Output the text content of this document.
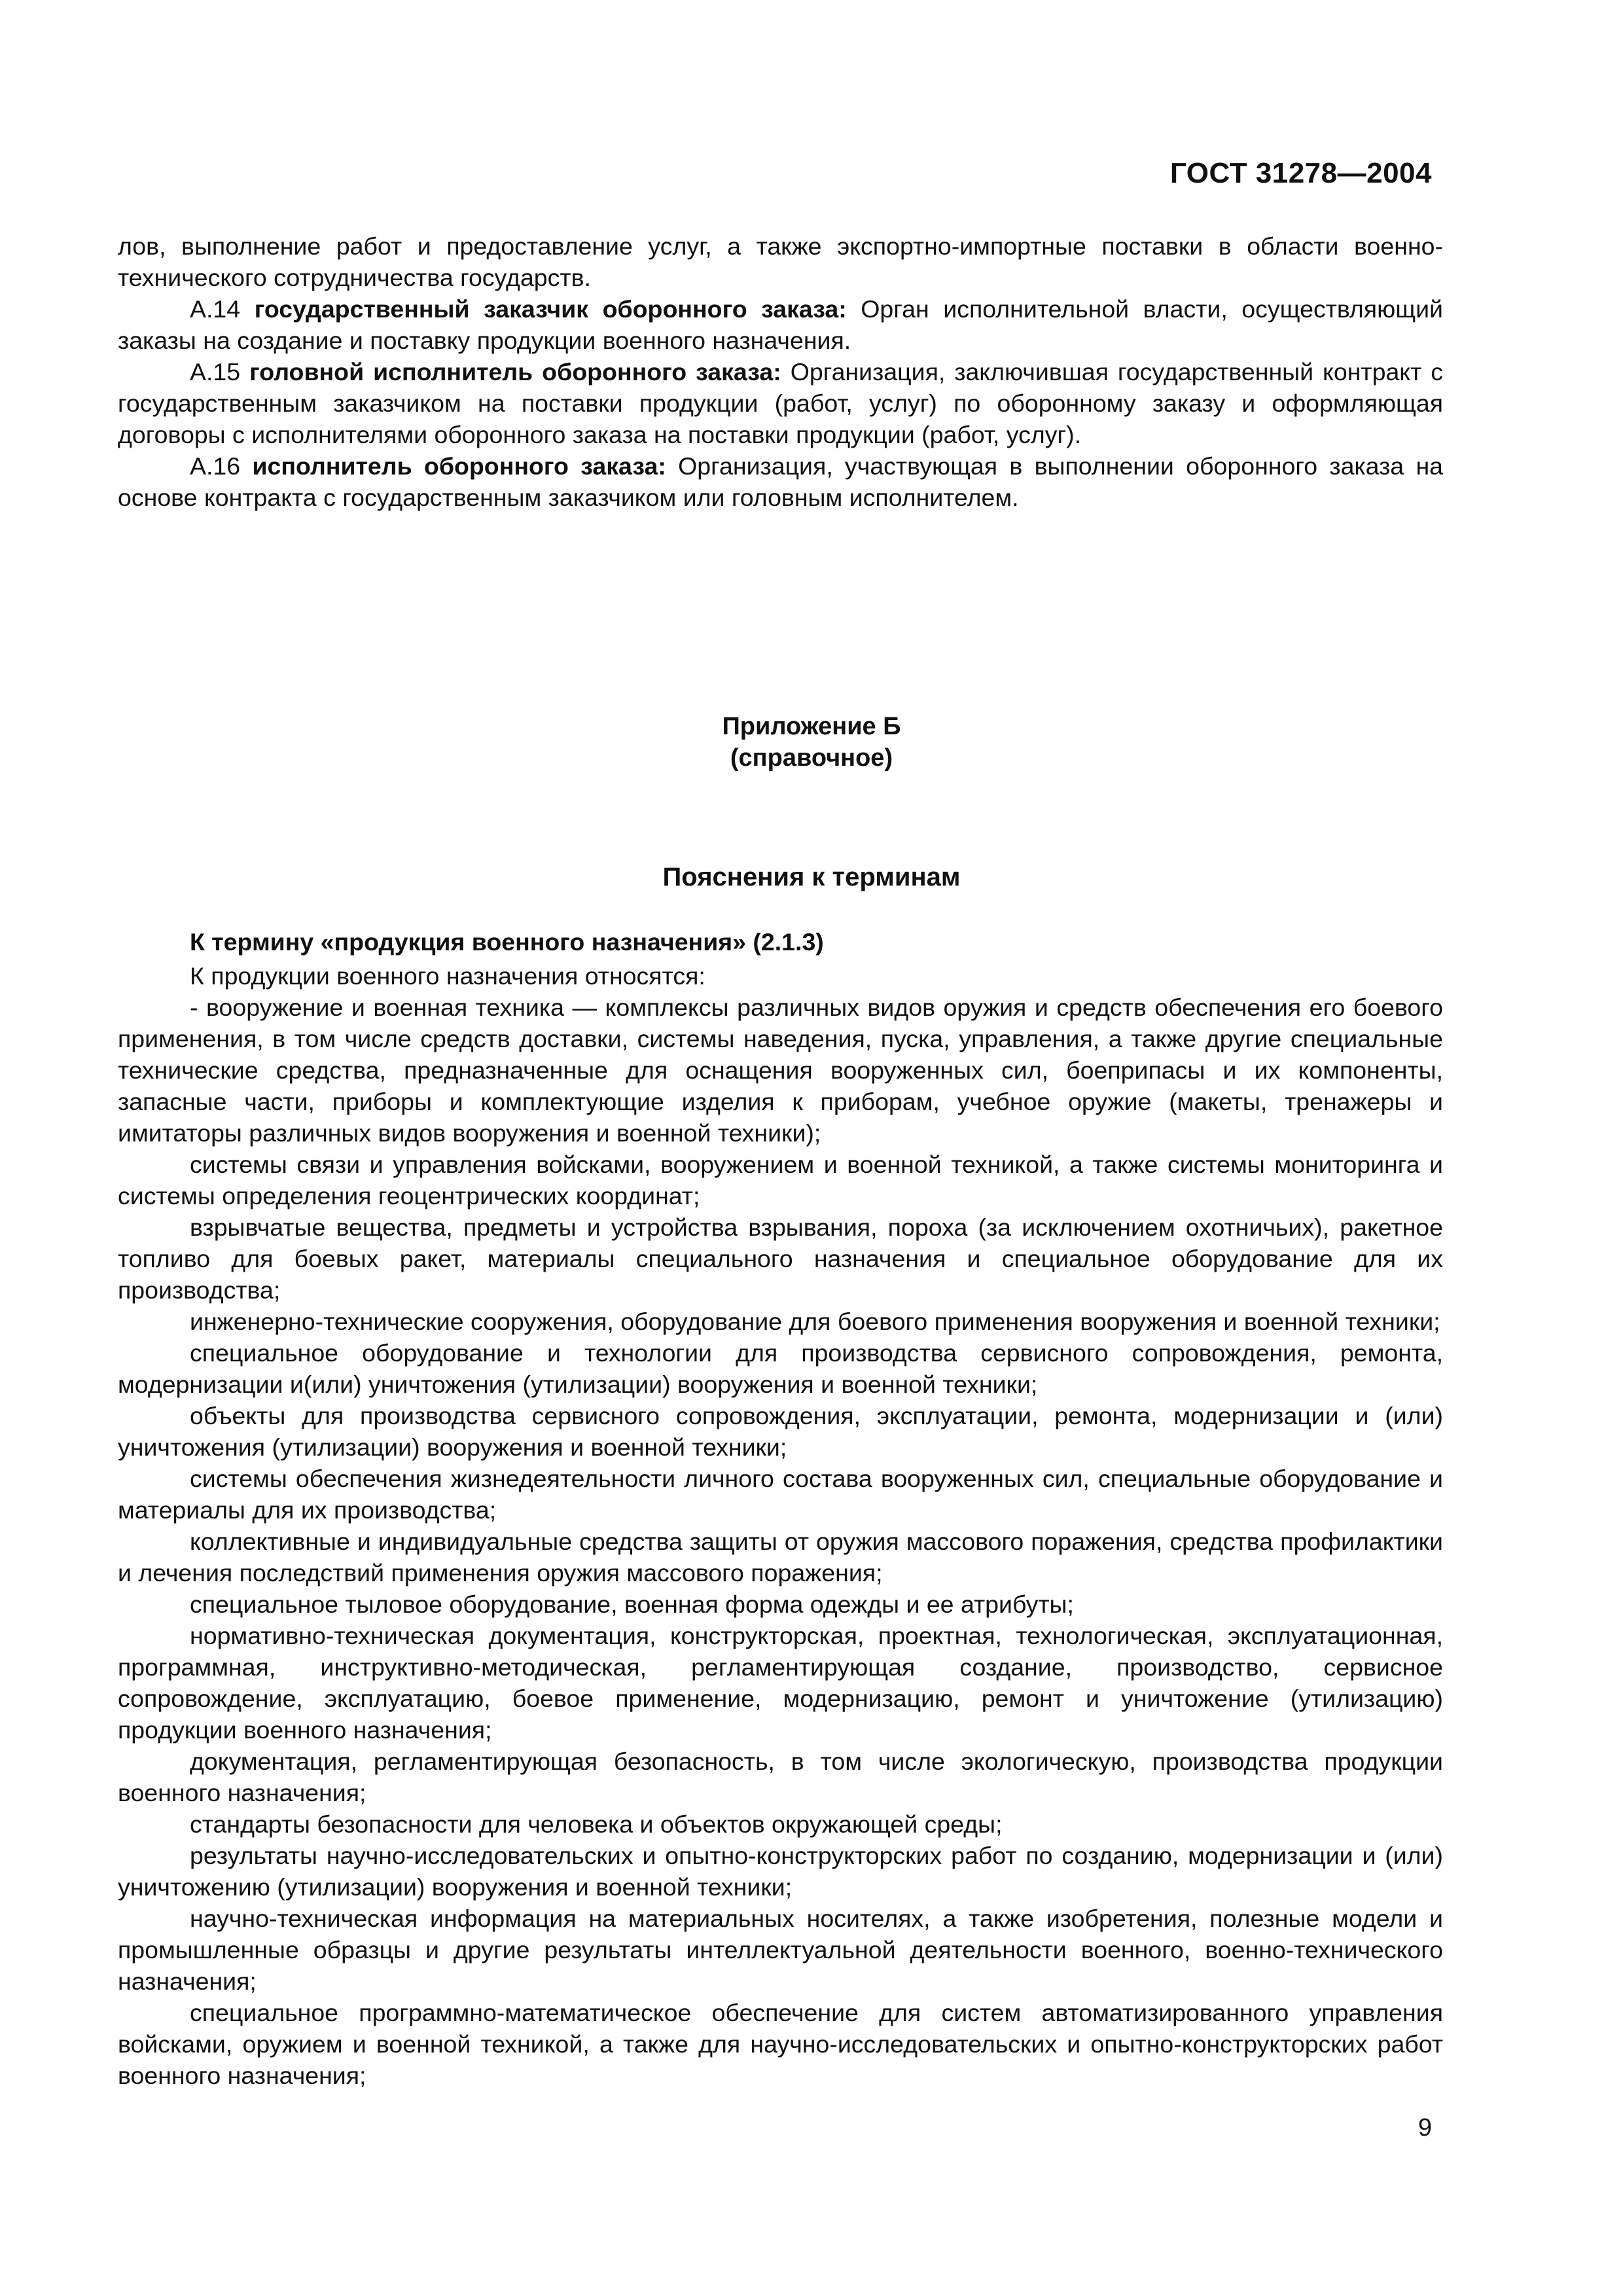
ГОСТ 31278—2004

лов, выполнение работ и предоставление услуг, а также экспортно-импортные поставки в области военно-технического сотрудничества государств.

А.14 государственный заказчик оборонного заказа: Орган исполнительной власти, осуществляющий заказы на создание и поставку продукции военного назначения.

А.15 головной исполнитель оборонного заказа: Организация, заключившая государственный контракт с государственным заказчиком на поставки продукции (работ, услуг) по оборонному заказу и оформляющая договоры с исполнителями оборонного заказа на поставки продукции (работ, услуг).

А.16 исполнитель оборонного заказа: Организация, участвующая в выполнении оборонного заказа на основе контракта с государственным заказчиком или головным исполнителем.

Приложение Б
(справочное)
Пояснения к терминам

К термину «продукция военного назначения» (2.1.3)

К продукции военного назначения относятся:

- вооружение и военная техника — комплексы различных видов оружия и средств обеспечения его боевого применения, в том числе средств доставки, системы наведения, пуска, управления, а также другие специальные технические средства, предназначенные для оснащения вооруженных сил, боеприпасы и их компоненты, запасные части, приборы и комплектующие изделия к приборам, учебное оружие (макеты, тренажеры и имитаторы различных видов вооружения и военной техники);

системы связи и управления войсками, вооружением и военной техникой, а также системы мониторинга и системы определения геоцентрических координат;

взрывчатые вещества, предметы и устройства взрывания, пороха (за исключением охотничьих), ракетное топливо для боевых ракет, материалы специального назначения и специальное оборудование для их производства;

инженерно-технические сооружения, оборудование для боевого применения вооружения и военной техники;

специальное оборудование и технологии для производства сервисного сопровождения, ремонта, модернизации и(или) уничтожения (утилизации) вооружения и военной техники;

объекты для производства сервисного сопровождения, эксплуатации, ремонта, модернизации и (или) уничтожения (утилизации) вооружения и военной техники;

системы обеспечения жизнедеятельности личного состава вооруженных сил, специальные оборудование и материалы для их производства;

коллективные и индивидуальные средства защиты от оружия массового поражения, средства профилактики и лечения последствий применения оружия массового поражения;

специальное тыловое оборудование, военная форма одежды и ее атрибуты;

нормативно-техническая документация, конструкторская, проектная, технологическая, эксплуатационная, программная, инструктивно-методическая, регламентирующая создание, производство, сервисное сопровождение, эксплуатацию, боевое применение, модернизацию, ремонт и уничтожение (утилизацию) продукции военного назначения;

документация, регламентирующая безопасность, в том числе экологическую, производства продукции военного назначения;

стандарты безопасности для человека и объектов окружающей среды;

результаты научно-исследовательских и опытно-конструкторских работ по созданию, модернизации и (или) уничтожению (утилизации) вооружения и военной техники;

научно-техническая информация на материальных носителях, а также изобретения, полезные модели и промышленные образцы и другие результаты интеллектуальной деятельности военного, военно-технического назначения;

специальное программно-математическое обеспечение для систем автоматизированного управления войсками, оружием и военной техникой, а также для научно-исследовательских и опытно-конструкторских работ военного назначения;

9
